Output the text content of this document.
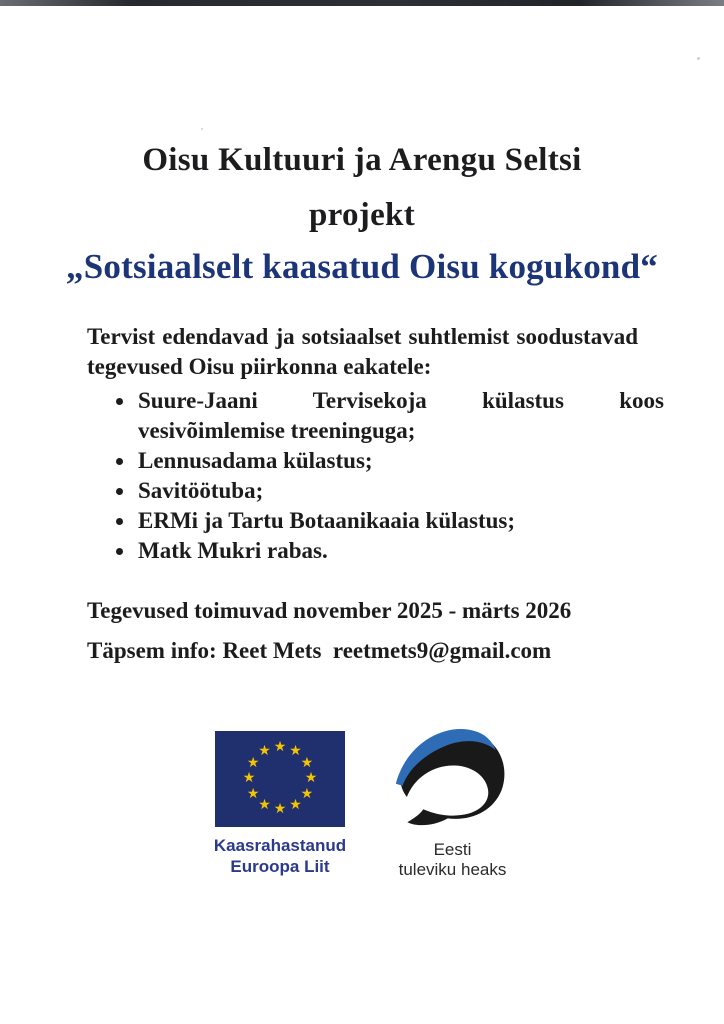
Oisu Kultuuri ja Arengu Seltsi
projekt
„Sotsiaalselt kaasatud Oisu kogukond“
Tervist edendavad ja sotsiaalset suhtlemist soodustavad tegevused Oisu piirkonna eakatele:
• Suure-Jaani Tervisekoja külastus koos vesivõimlemise treeninguga;
• Lennusadama külastus;
• Savitöötuba;
• ERMi ja Tartu Botaanikaaia külastus;
• Matk Mukri rabas.
Tegevused toimuvad november 2025 - märts 2026
Täpsem info: Reet Mets  reetmets9@gmail.com
★ ★
★
★
★
★
★
★
★
★
★
★
Kaasrahastanud
Euroopa Liit
Eesti
tuleviku heaks
